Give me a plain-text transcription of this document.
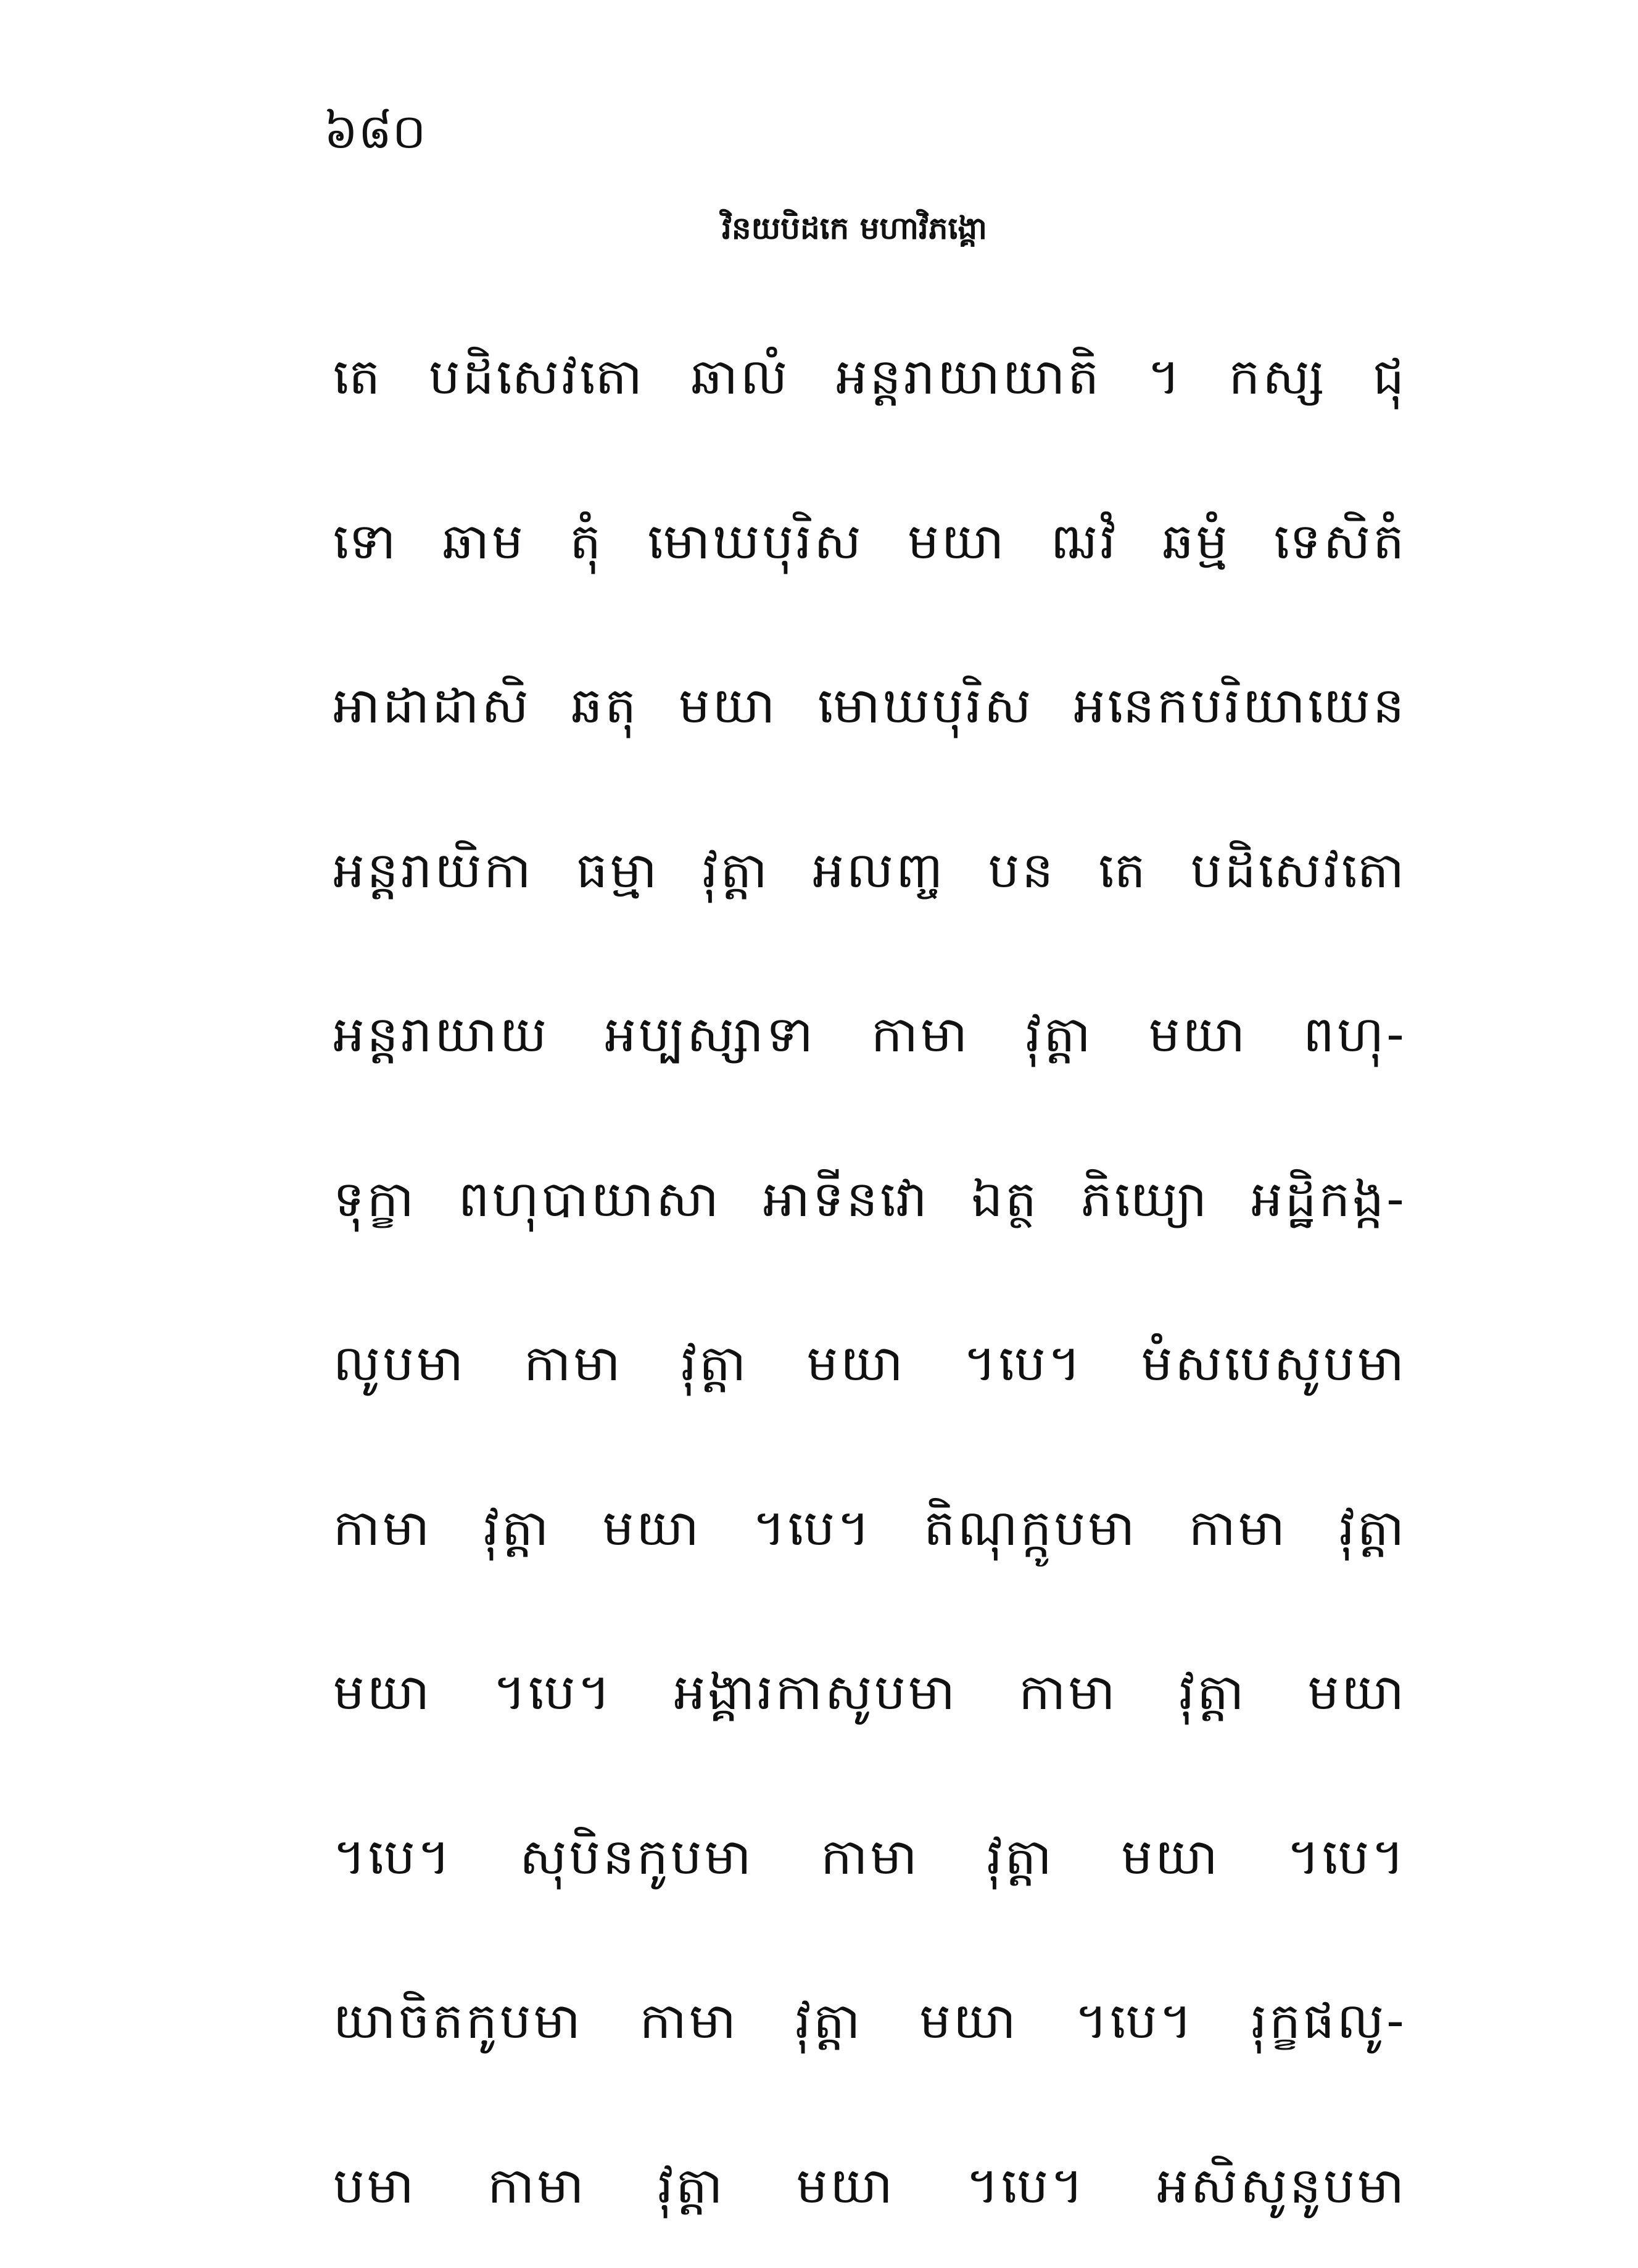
៦៨០
វិនយបិដកេ មហាវិភង្គោ
តេ បដិសេវតោ ឆាលំ អន្តរាយាយាតិ ។ កស្ស ជុ
ទោ ឆាម តុំ មោឃបុរិស មយា ឍវំ ឆម្មំ ទេសិតំ
អាដាដាសិ ឆតុ មយា មោឃបុរិស អនេកបរិយាយេន
អន្តរាយិកា ធម្មា វុត្តា អលញ្ច បន តេ បដិសេវតោ
អន្តរាយាយ អប្បស្សាទា កាមា វុត្តា មយា ពហុ-
ទុក្ខា ពហុបាយាសា អាទីនវោ ឯត្ថ ភិយ្យោ អដ្ឋិកង្ក-
លូបមា កាមា វុត្តា មយា ។បេ។ មំសបេសូបមា
កាមា វុត្តា មយា ។បេ។ តិណុក្កូបមា កាមា វុត្តា
មយា ។បេ។ អង្គារកាសូបមា កាមា វុត្តា មយា
។បេ។ សុបិនកូបមា កាមា វុត្តា មយា ។បេ។
យាចិតកូបមា កាមា វុត្តា មយា ។បេ។ រុក្ខផលូ-
បមា កាមា វុត្តា មយា ។បេ។ អសិសូនូបមា
